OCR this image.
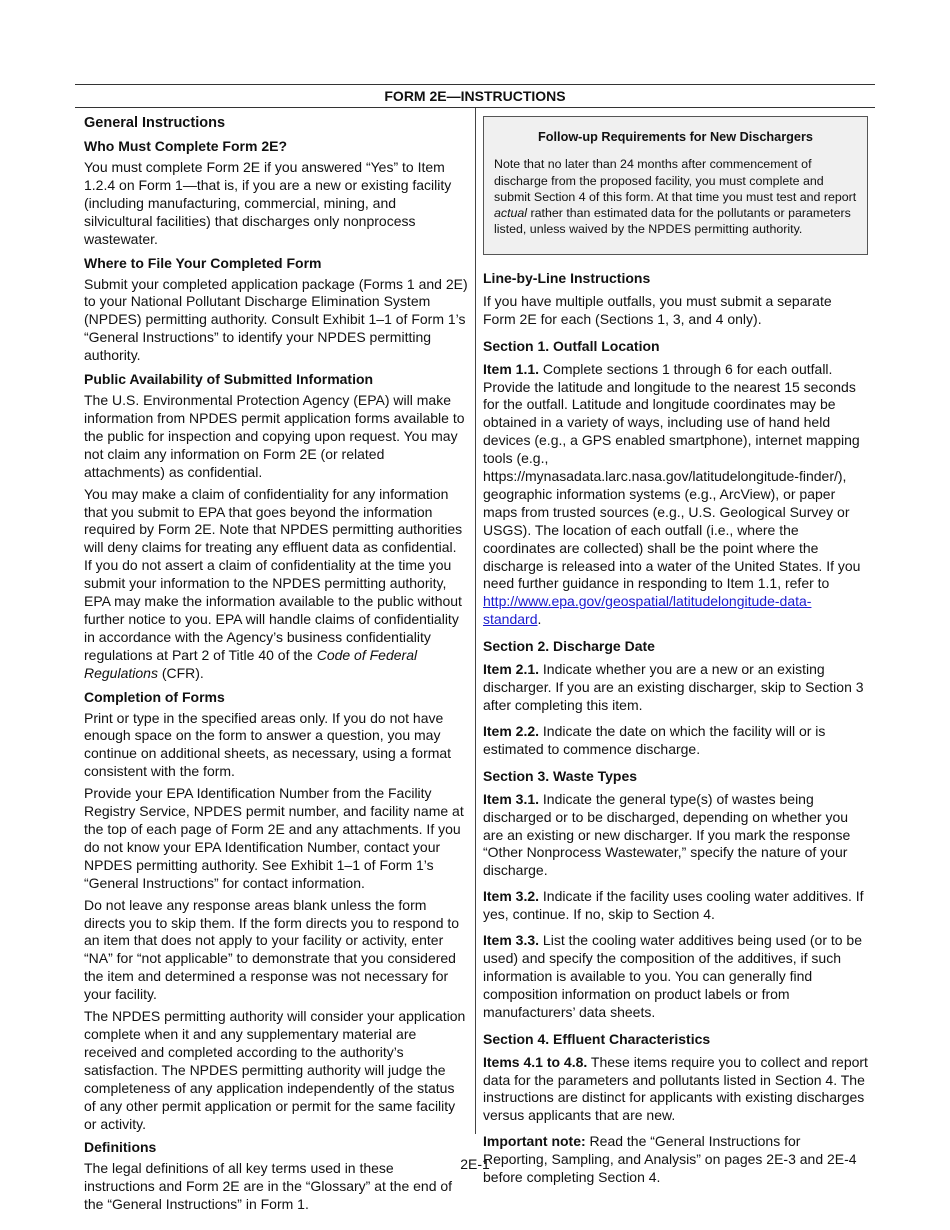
FORM 2E—INSTRUCTIONS
General Instructions
Who Must Complete Form 2E?

You must complete Form 2E if you answered “Yes” to Item 1.2.4 on Form 1—that is, if you are a new or existing facility (including manufacturing, commercial, mining, and silvicultural facilities) that discharges only nonprocess wastewater.

Where to File Your Completed Form

Submit your completed application package (Forms 1 and 2E) to your National Pollutant Discharge Elimination System (NPDES) permitting authority. Consult Exhibit 1–1 of Form 1’s “General Instructions” to identify your NPDES permitting authority.

Public Availability of Submitted Information

The U.S. Environmental Protection Agency (EPA) will make information from NPDES permit application forms available to the public for inspection and copying upon request. You may not claim any information on Form 2E (or related attachments) as confidential.

You may make a claim of confidentiality for any information that you submit to EPA that goes beyond the information required by Form 2E. Note that NPDES permitting authorities will deny claims for treating any effluent data as confidential. If you do not assert a claim of confidentiality at the time you submit your information to the NPDES permitting authority, EPA may make the information available to the public without further notice to you. EPA will handle claims of confidentiality in accordance with the Agency’s business confidentiality regulations at Part 2 of Title 40 of the Code of Federal Regulations (CFR).

Completion of Forms

Print or type in the specified areas only. If you do not have enough space on the form to answer a question, you may continue on additional sheets, as necessary, using a format consistent with the form.

Provide your EPA Identification Number from the Facility Registry Service, NPDES permit number, and facility name at the top of each page of Form 2E and any attachments. If you do not know your EPA Identification Number, contact your NPDES permitting authority. See Exhibit 1–1 of Form 1’s “General Instructions” for contact information.

Do not leave any response areas blank unless the form directs you to skip them. If the form directs you to respond to an item that does not apply to your facility or activity, enter “NA” for “not applicable” to demonstrate that you considered the item and determined a response was not necessary for your facility.

The NPDES permitting authority will consider your application complete when it and any supplementary material are received and completed according to the authority’s satisfaction. The NPDES permitting authority will judge the completeness of any application independently of the status of any other permit application or permit for the same facility or activity.

Definitions

The legal definitions of all key terms used in these instructions and Form 2E are in the “Glossary” at the end of the “General Instructions” in Form 1.

Follow-up Requirements for New Dischargers

Note that no later than 24 months after commencement of discharge from the proposed facility, you must complete and submit Section 4 of this form. At that time you must test and report actual rather than estimated data for the pollutants or parameters listed, unless waived by the NPDES permitting authority.

Line-by-Line Instructions

If you have multiple outfalls, you must submit a separate Form 2E for each (Sections 1, 3, and 4 only).

Section 1. Outfall Location

Item 1.1. Complete sections 1 through 6 for each outfall. Provide the latitude and longitude to the nearest 15 seconds for the outfall. Latitude and longitude coordinates may be obtained in a variety of ways, including use of hand held devices (e.g., a GPS enabled smartphone), internet mapping tools (e.g., https://mynasadata.larc.nasa.gov/latitudelongitude-finder/), geographic information systems (e.g., ArcView), or paper maps from trusted sources (e.g., U.S. Geological Survey or USGS). The location of each outfall (i.e., where the coordinates are collected) shall be the point where the discharge is released into a water of the United States. If you need further guidance in responding to Item 1.1, refer to http://www.epa.gov/geospatial/latitudelongitude-data-standard.

Section 2. Discharge Date

Item 2.1. Indicate whether you are a new or an existing discharger. If you are an existing discharger, skip to Section 3 after completing this item.

Item 2.2. Indicate the date on which the facility will or is estimated to commence discharge.

Section 3. Waste Types

Item 3.1. Indicate the general type(s) of wastes being discharged or to be discharged, depending on whether you are an existing or new discharger. If you mark the response “Other Nonprocess Wastewater,” specify the nature of your discharge.

Item 3.2. Indicate if the facility uses cooling water additives. If yes, continue. If no, skip to Section 4.

Item 3.3. List the cooling water additives being used (or to be used) and specify the composition of the additives, if such information is available to you. You can generally find composition information on product labels or from manufacturers’ data sheets.

Section 4. Effluent Characteristics

Items 4.1 to 4.8. These items require you to collect and report data for the parameters and pollutants listed in Section 4. The instructions are distinct for applicants with existing discharges versus applicants that are new.

Important note: Read the “General Instructions for Reporting, Sampling, and Analysis” on pages 2E-3 and 2E-4 before completing Section 4.

2E-1
